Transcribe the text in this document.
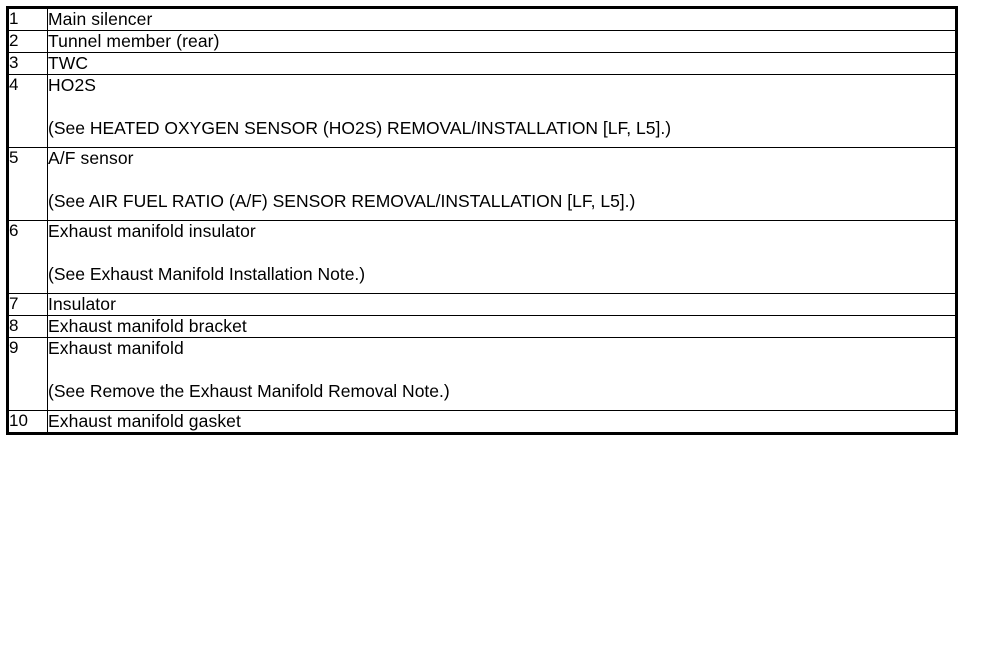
1	Main silencer

2	Tunnel member (rear)

3	TWC

4	HO2S
(See HEATED OXYGEN SENSOR (HO2S) REMOVAL/INSTALLATION [LF, L5].)

5	A/F sensor
(See AIR FUEL RATIO (A/F) SENSOR REMOVAL/INSTALLATION [LF, L5].)

6	Exhaust manifold insulator
(See Exhaust Manifold Installation Note.)

7	Insulator

8	Exhaust manifold bracket

9	Exhaust manifold
(See Remove the Exhaust Manifold Removal Note.)

10	Exhaust manifold gasket
